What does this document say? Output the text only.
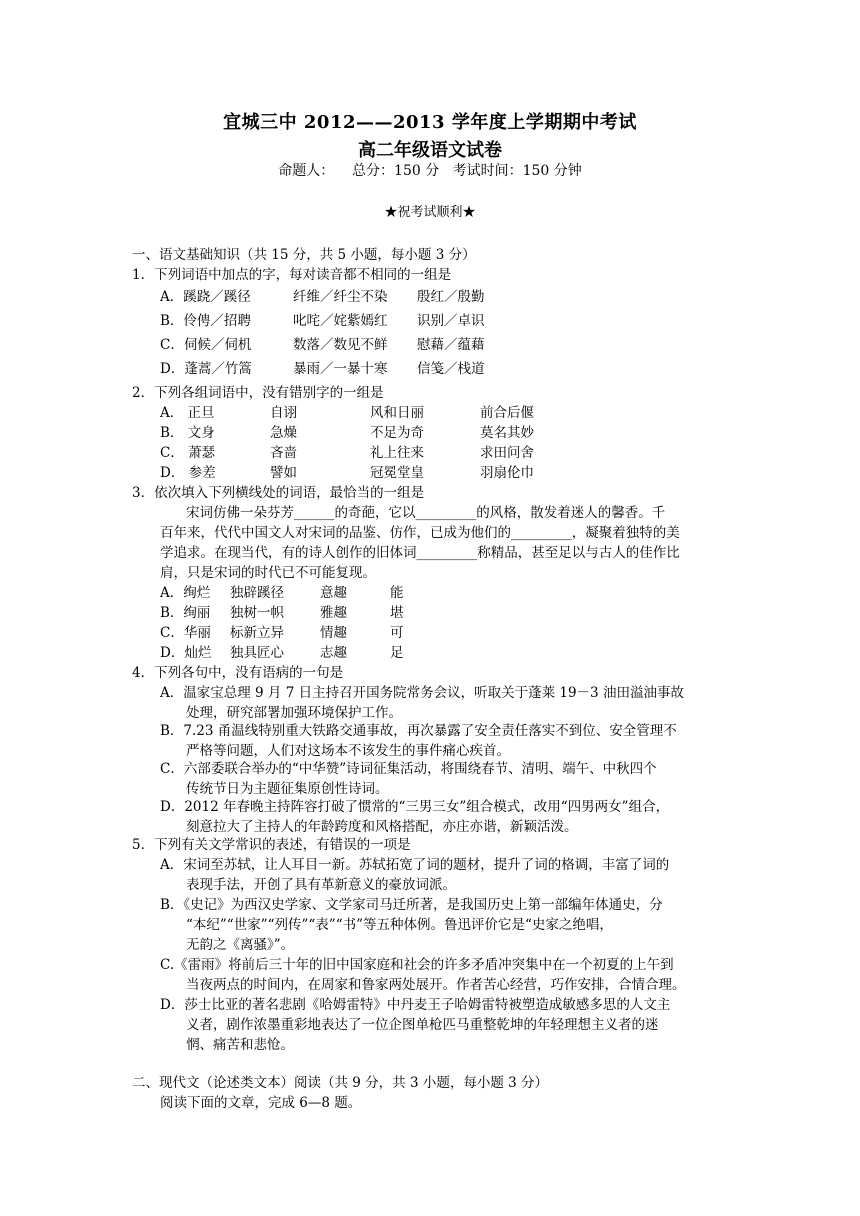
宜城三中 2012——2013 学年度上学期期中考试
高二年级语文试卷
命题人：    总分：150 分   考试时间：150 分钟
★祝考试顺利★
一、语文基础知识（共 15 分，共 5 小题，每小题 3 分）
1．下列词语中加点的字，每对读音都不相同的一组是
A．蹊跷／蹊径	纤维／纤尘不染 殷红／殷勤
B．伶俜／招聘	叱咤／姹紫嫣红 识别／卓识
C．伺候／伺机	数落／数见不鲜 慰藉／蕴藉
D．蓬蒿／竹篙	暴雨／一暴十寒 信笺／栈道
2．下列各组词语中，没有错别字的一组是
A． 正旦	自诩	风和日丽	前合后偃
B． 文身	急燥	不足为奇	莫名其妙
C． 萧瑟	吝啬	礼上往来	求田问舍
D． 参差	譬如	冠冕堂皇	羽扇伦巾
3．依次填入下列横线处的词语，最恰当的一组是
宋词仿佛一朵芬芳______的奇葩，它以_________的风格，散发着迷人的馨香。千
百年来，代代中国文人对宋词的品鉴、仿作，已成为他们的_________，凝聚着独特的美
学追求。在现当代，有的诗人创作的旧体词_________称精品，甚至足以与古人的佳作比
肩，只是宋词的时代已不可能复现。
A．绚烂 独辟蹊径	意趣	能
B．绚丽 独树一帜	雅趣	堪
C．华丽 标新立异	情趣	可
D．灿烂 独具匠心	志趣	足
4．下列各句中，没有语病的一句是
A．温家宝总理 9 月 7 日主持召开国务院常务会议，听取关于蓬莱 19－3 油田溢油事故
处理，研究部署加强环境保护工作。
B．7.23 甬温线特别重大铁路交通事故，再次暴露了安全责任落实不到位、安全管理不
严格等问题，人们对这场本不该发生的事件痛心疾首。
C．六部委联合举办的“中华赞”诗词征集活动，将围绕春节、清明、端午、中秋四个
传统节日为主题征集原创性诗词。
D．2012 年春晚主持阵容打破了惯常的“三男三女”组合模式，改用“四男两女”组合，
刻意拉大了主持人的年龄跨度和风格搭配，亦庄亦谐，新颖活泼。
5．下列有关文学常识的表述，有错误的一项是
A．宋词至苏轼，让人耳目一新。苏轼拓宽了词的题材，提升了词的格调，丰富了词的
表现手法，开创了具有革新意义的豪放词派。
B．《史记》为西汉史学家、文学家司马迁所著，是我国历史上第一部编年体通史，分
“本纪”“世家”“列传”“表”“书”等五种体例。鲁迅评价它是“史家之绝唱，
无韵之《离骚》”。
C.《雷雨》将前后三十年的旧中国家庭和社会的许多矛盾冲突集中在一个初夏的上午到
当夜两点的时间内，在周家和鲁家两处展开。作者苦心经营，巧作安排，合情合理。
D．莎士比亚的著名悲剧《哈姆雷特》中丹麦王子哈姆雷特被塑造成敏感多思的人文主
义者，剧作浓墨重彩地表达了一位企图单枪匹马重整乾坤的年轻理想主义者的迷
惘、痛苦和悲怆。
二、现代文（论述类文本）阅读（共 9 分，共 3 小题，每小题 3 分）
阅读下面的文章，完成 6—8 题。
